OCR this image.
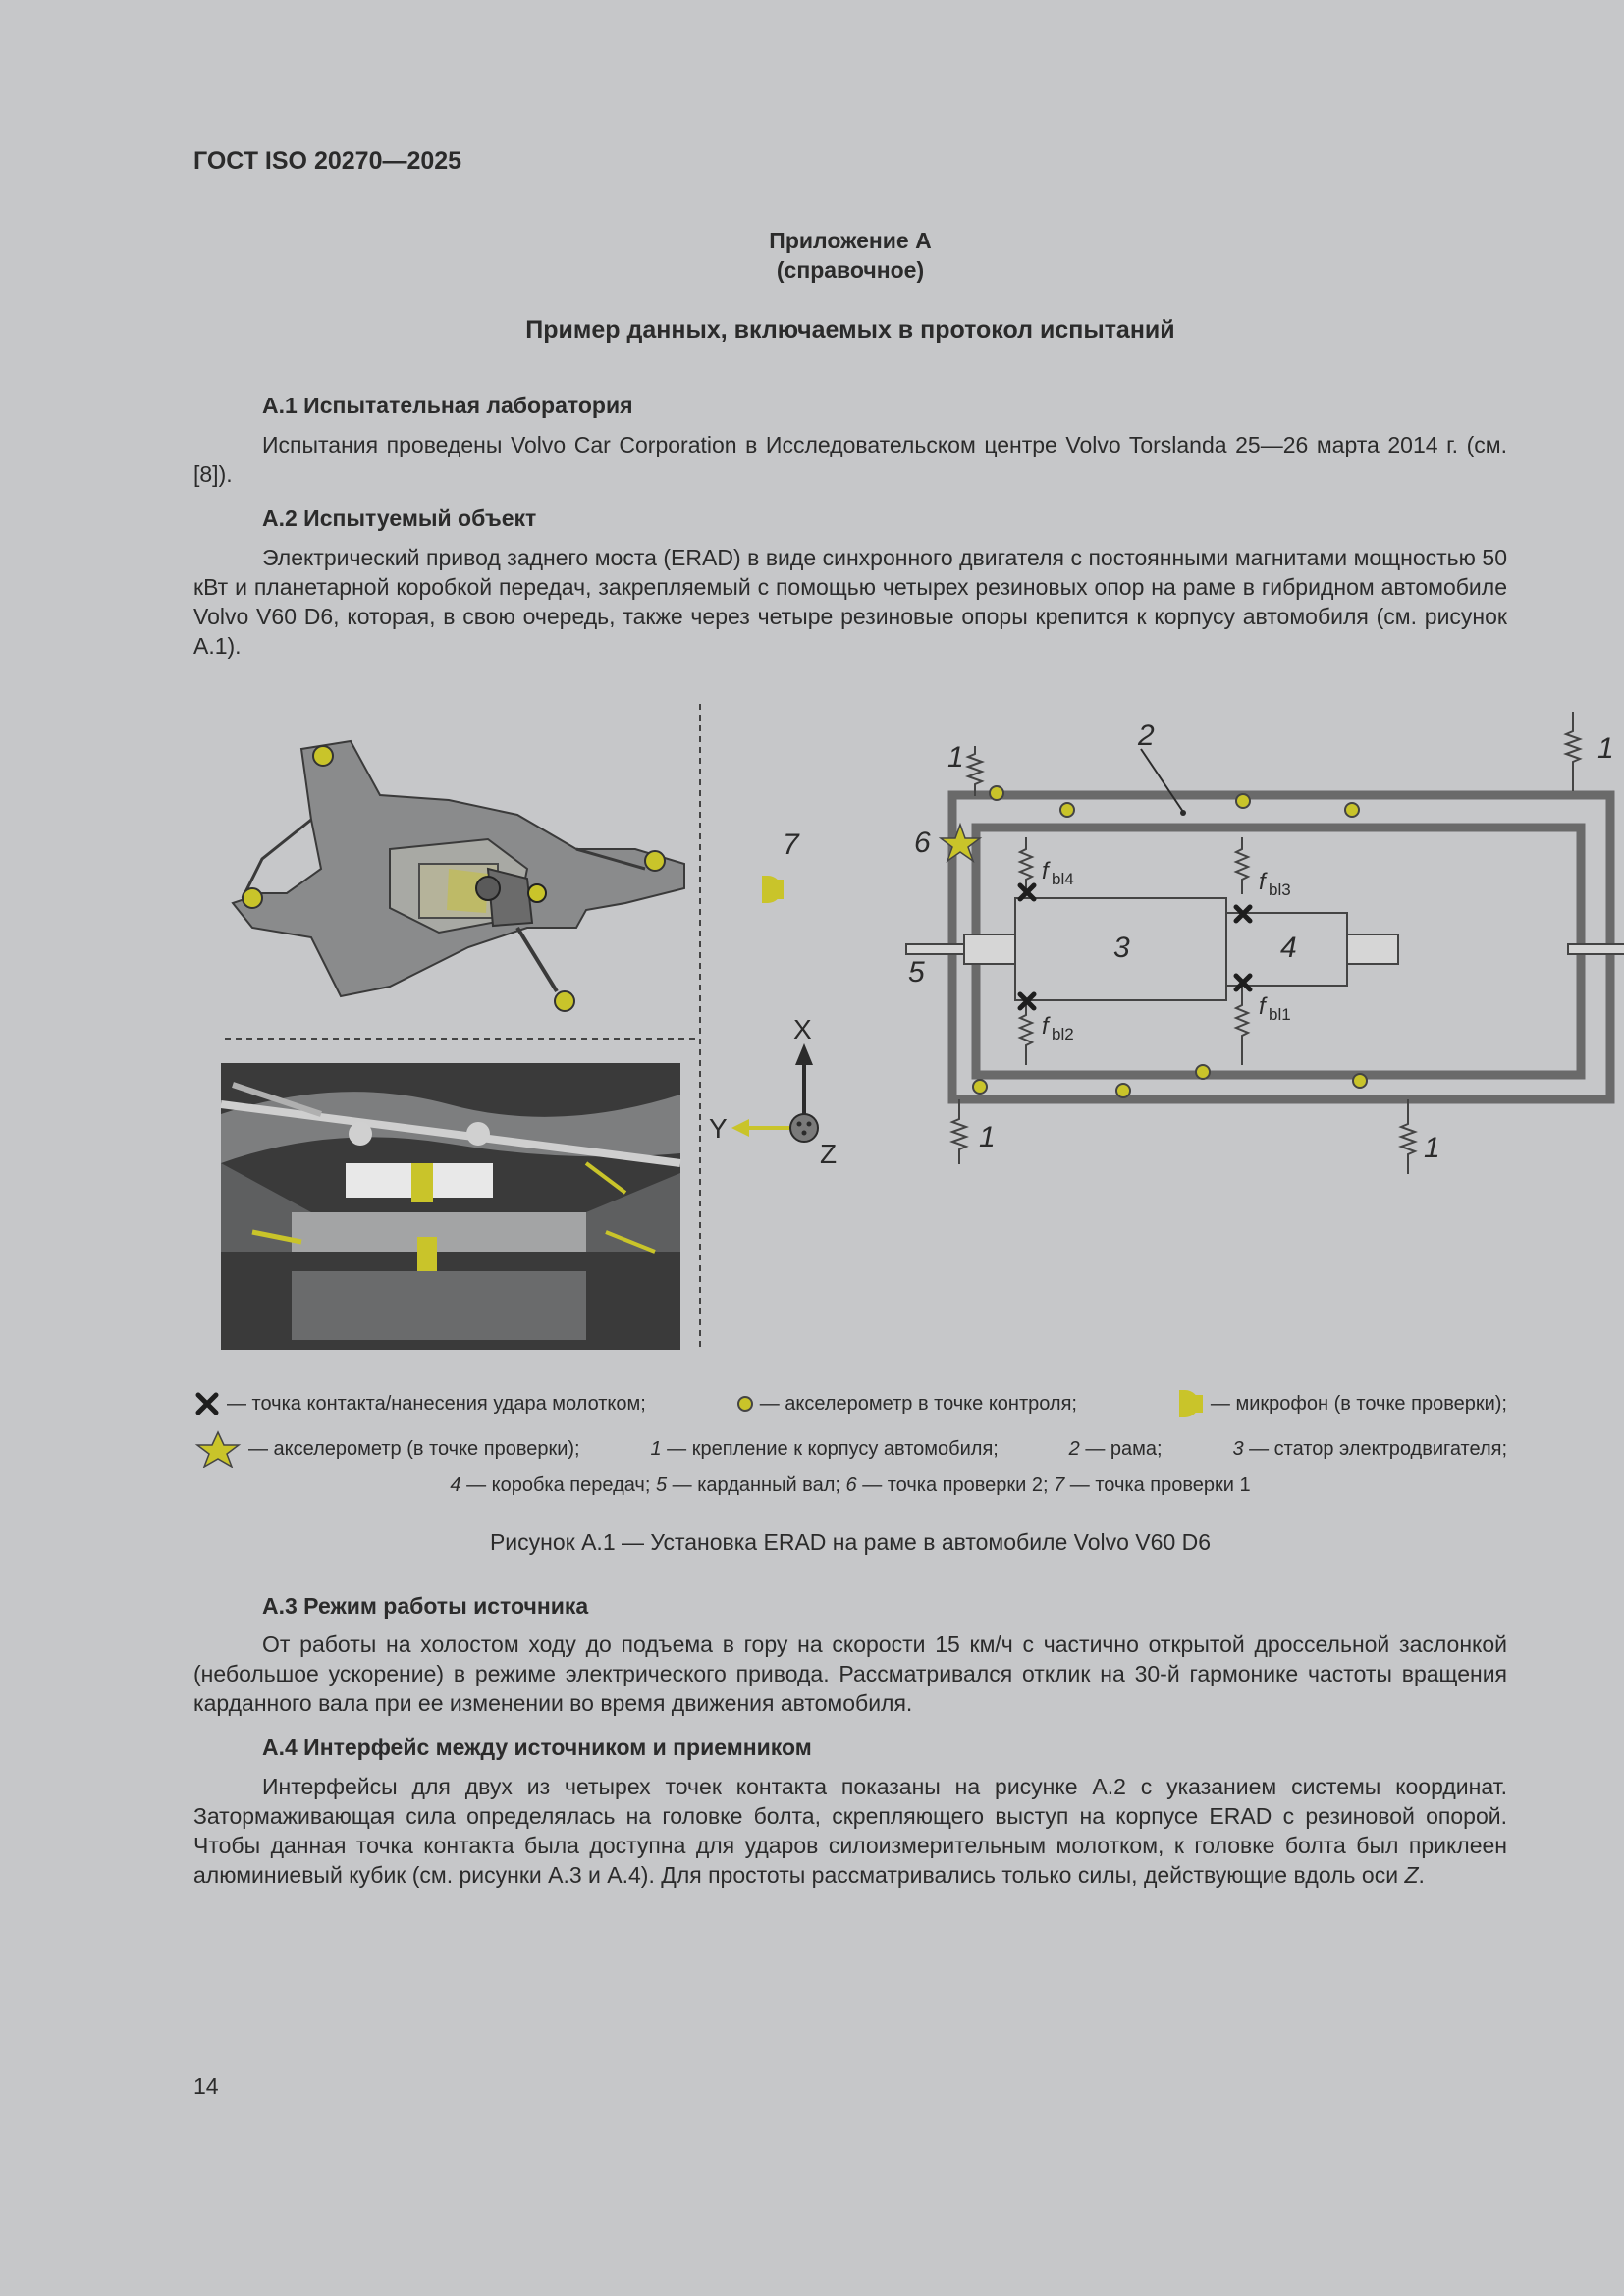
ГОСТ ISO 20270—2025
Приложение А
(справочное)
Пример данных, включаемых в протокол испытаний
А.1 Испытательная лаборатория

Испытания проведены Volvo Car Corporation в Исследовательском центре Volvo Torslanda 25—26 марта 2014 г. (см. [8]).

А.2 Испытуемый объект

Электрический привод заднего моста (ERAD) в виде синхронного двигателя с постоянными магнитами мощностью 50 кВт и планетарной коробкой передач, закрепляемый с помощью четырех резиновых опор на раме в гибридном автомобиле Volvo V60 D6, которая, в свою очередь, также через четыре резиновые опоры крепится к корпусу автомобиля (см. рисунок А.1).

7
X
Y
Z
2
1	1
1	1
6
5
3	4
f bl4	f bl3
f bl2
f bl1
— точка контакта/нанесения удара молотком;	— акселерометр в точке контроля;	— микрофон (в точке проверки);
— акселерометр (в точке проверки);	1 — крепление к корпусу автомобиля;	2 — рама;	3 — статор электродвигателя;
4 — коробка передач; 5 — карданный вал; 6 — точка проверки 2; 7 — точка проверки 1
Рисунок А.1 — Установка ERAD на раме в автомобиле Volvo V60 D6
А.3 Режим работы источника

От работы на холостом ходу до подъема в гору на скорости 15 км/ч с частично открытой дроссельной заслонкой (небольшое ускорение) в режиме электрического привода. Рассматривался отклик на 30-й гармонике частоты вращения карданного вала при ее изменении во время движения автомобиля.

А.4 Интерфейс между источником и приемником

Интерфейсы для двух из четырех точек контакта показаны на рисунке А.2 с указанием системы координат. Затормаживающая сила определялась на головке болта, скрепляющего выступ на корпусе ERAD с резиновой опорой. Чтобы данная точка контакта была доступна для ударов силоизмерительным молотком, к головке болта был приклеен алюминиевый кубик (см. рисунки А.3 и А.4). Для простоты рассматривались только силы, действующие вдоль оси Z.

14
